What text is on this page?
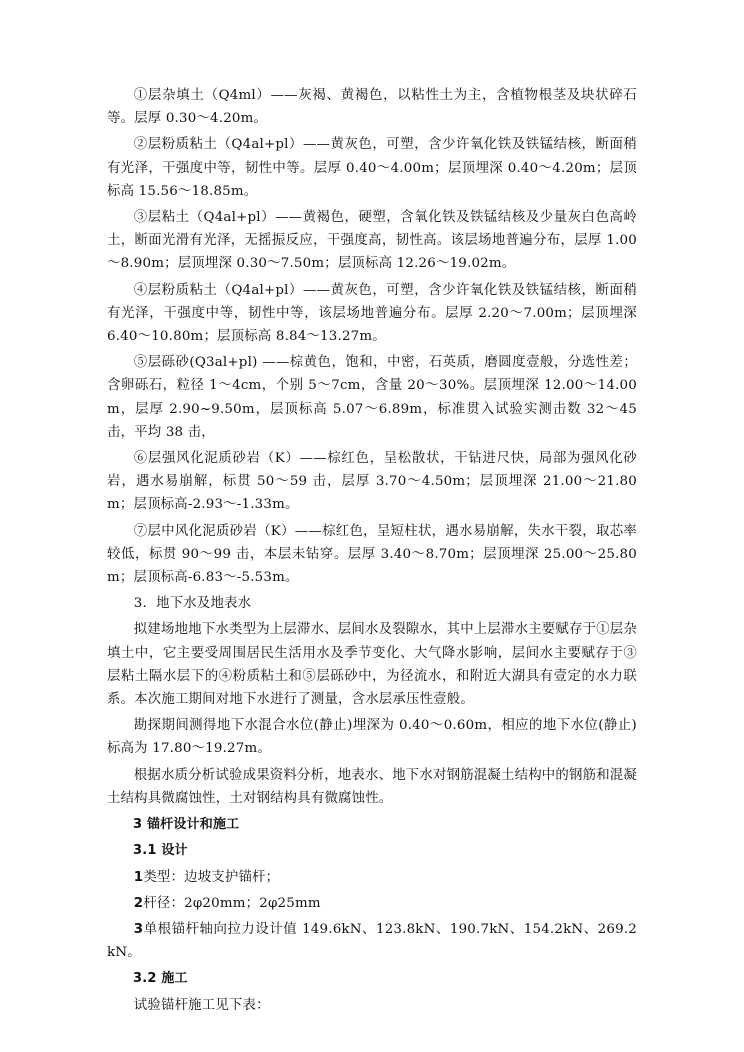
①层杂填土（Q4ml）——灰褐、黄褐色，以粘性土为主，含植物根茎及块状碎石等。层厚 0.30～4.20m。

②层粉质粘土（Q4al+pl）——黄灰色，可塑，含少许氧化铁及铁锰结核，断面稍有光泽，干强度中等，韧性中等。层厚 0.40～4.00m；层顶埋深 0.40～4.20m；层顶标高 15.56～18.85m。

③层粘土（Q4al+pl）——黄褐色，硬塑，含氧化铁及铁锰结核及少量灰白色高岭土，断面光滑有光泽，无摇振反应，干强度高，韧性高。该层场地普遍分布，层厚 1.00～8.90m；层顶埋深 0.30～7.50m；层顶标高 12.26～19.02m。

④层粉质粘土（Q4al+pl）——黄灰色，可塑，含少许氧化铁及铁锰结核，断面稍有光泽，干强度中等，韧性中等，该层场地普遍分布。层厚 2.20～7.00m；层顶埋深 6.40～10.80m；层顶标高 8.84～13.27m。

⑤层砾砂(Q3al+pl) ——棕黄色，饱和，中密，石英质，磨圆度壹般，分选性差；含卵砾石，粒径 1～4cm，个别 5～7cm，含量 20～30%。层顶埋深 12.00～14.00m，层厚 2.90~9.50m，层顶标高 5.07～6.89m，标准贯入试验实测击数 32～45 击，平均 38 击，

⑥层强风化泥质砂岩（K）——棕红色，呈松散状，干钻进尺快，局部为强风化砂岩，遇水易崩解，标贯 50～59 击，层厚 3.70～4.50m；层顶埋深 21.00～21.80m；层顶标高-2.93～-1.33m。

⑦层中风化泥质砂岩（K）——棕红色，呈短柱状，遇水易崩解，失水干裂，取芯率较低，标贯 90～99 击，本层未钻穿。层厚 3.40～8.70m；层顶埋深 25.00～25.80m；层顶标高-6.83～-5.53m。

3．地下水及地表水

拟建场地地下水类型为上层滞水、层间水及裂隙水，其中上层滞水主要赋存于①层杂填土中，它主要受周围居民生活用水及季节变化、大气降水影响，层间水主要赋存于③层粘土隔水层下的④粉质粘土和⑤层砾砂中，为径流水，和附近大湖具有壹定的水力联系。本次施工期间对地下水进行了测量，含水层承压性壹般。

勘探期间测得地下水混合水位(静止)埋深为 0.40～0.60m，相应的地下水位(静止)标高为 17.80～19.27m。

根据水质分析试验成果资料分析，地表水、地下水对钢筋混凝土结构中的钢筋和混凝土结构具微腐蚀性，土对钢结构具有微腐蚀性。

3 锚杆设计和施工

3.1 设计

1类型：边坡支护锚杆；

2杆径：2φ20mm；2φ25mm

3单根锚杆轴向拉力设计值 149.6kN、123.8kN、190.7kN、154.2kN、269.2kN。

3.2 施工

试验锚杆施工见下表：
